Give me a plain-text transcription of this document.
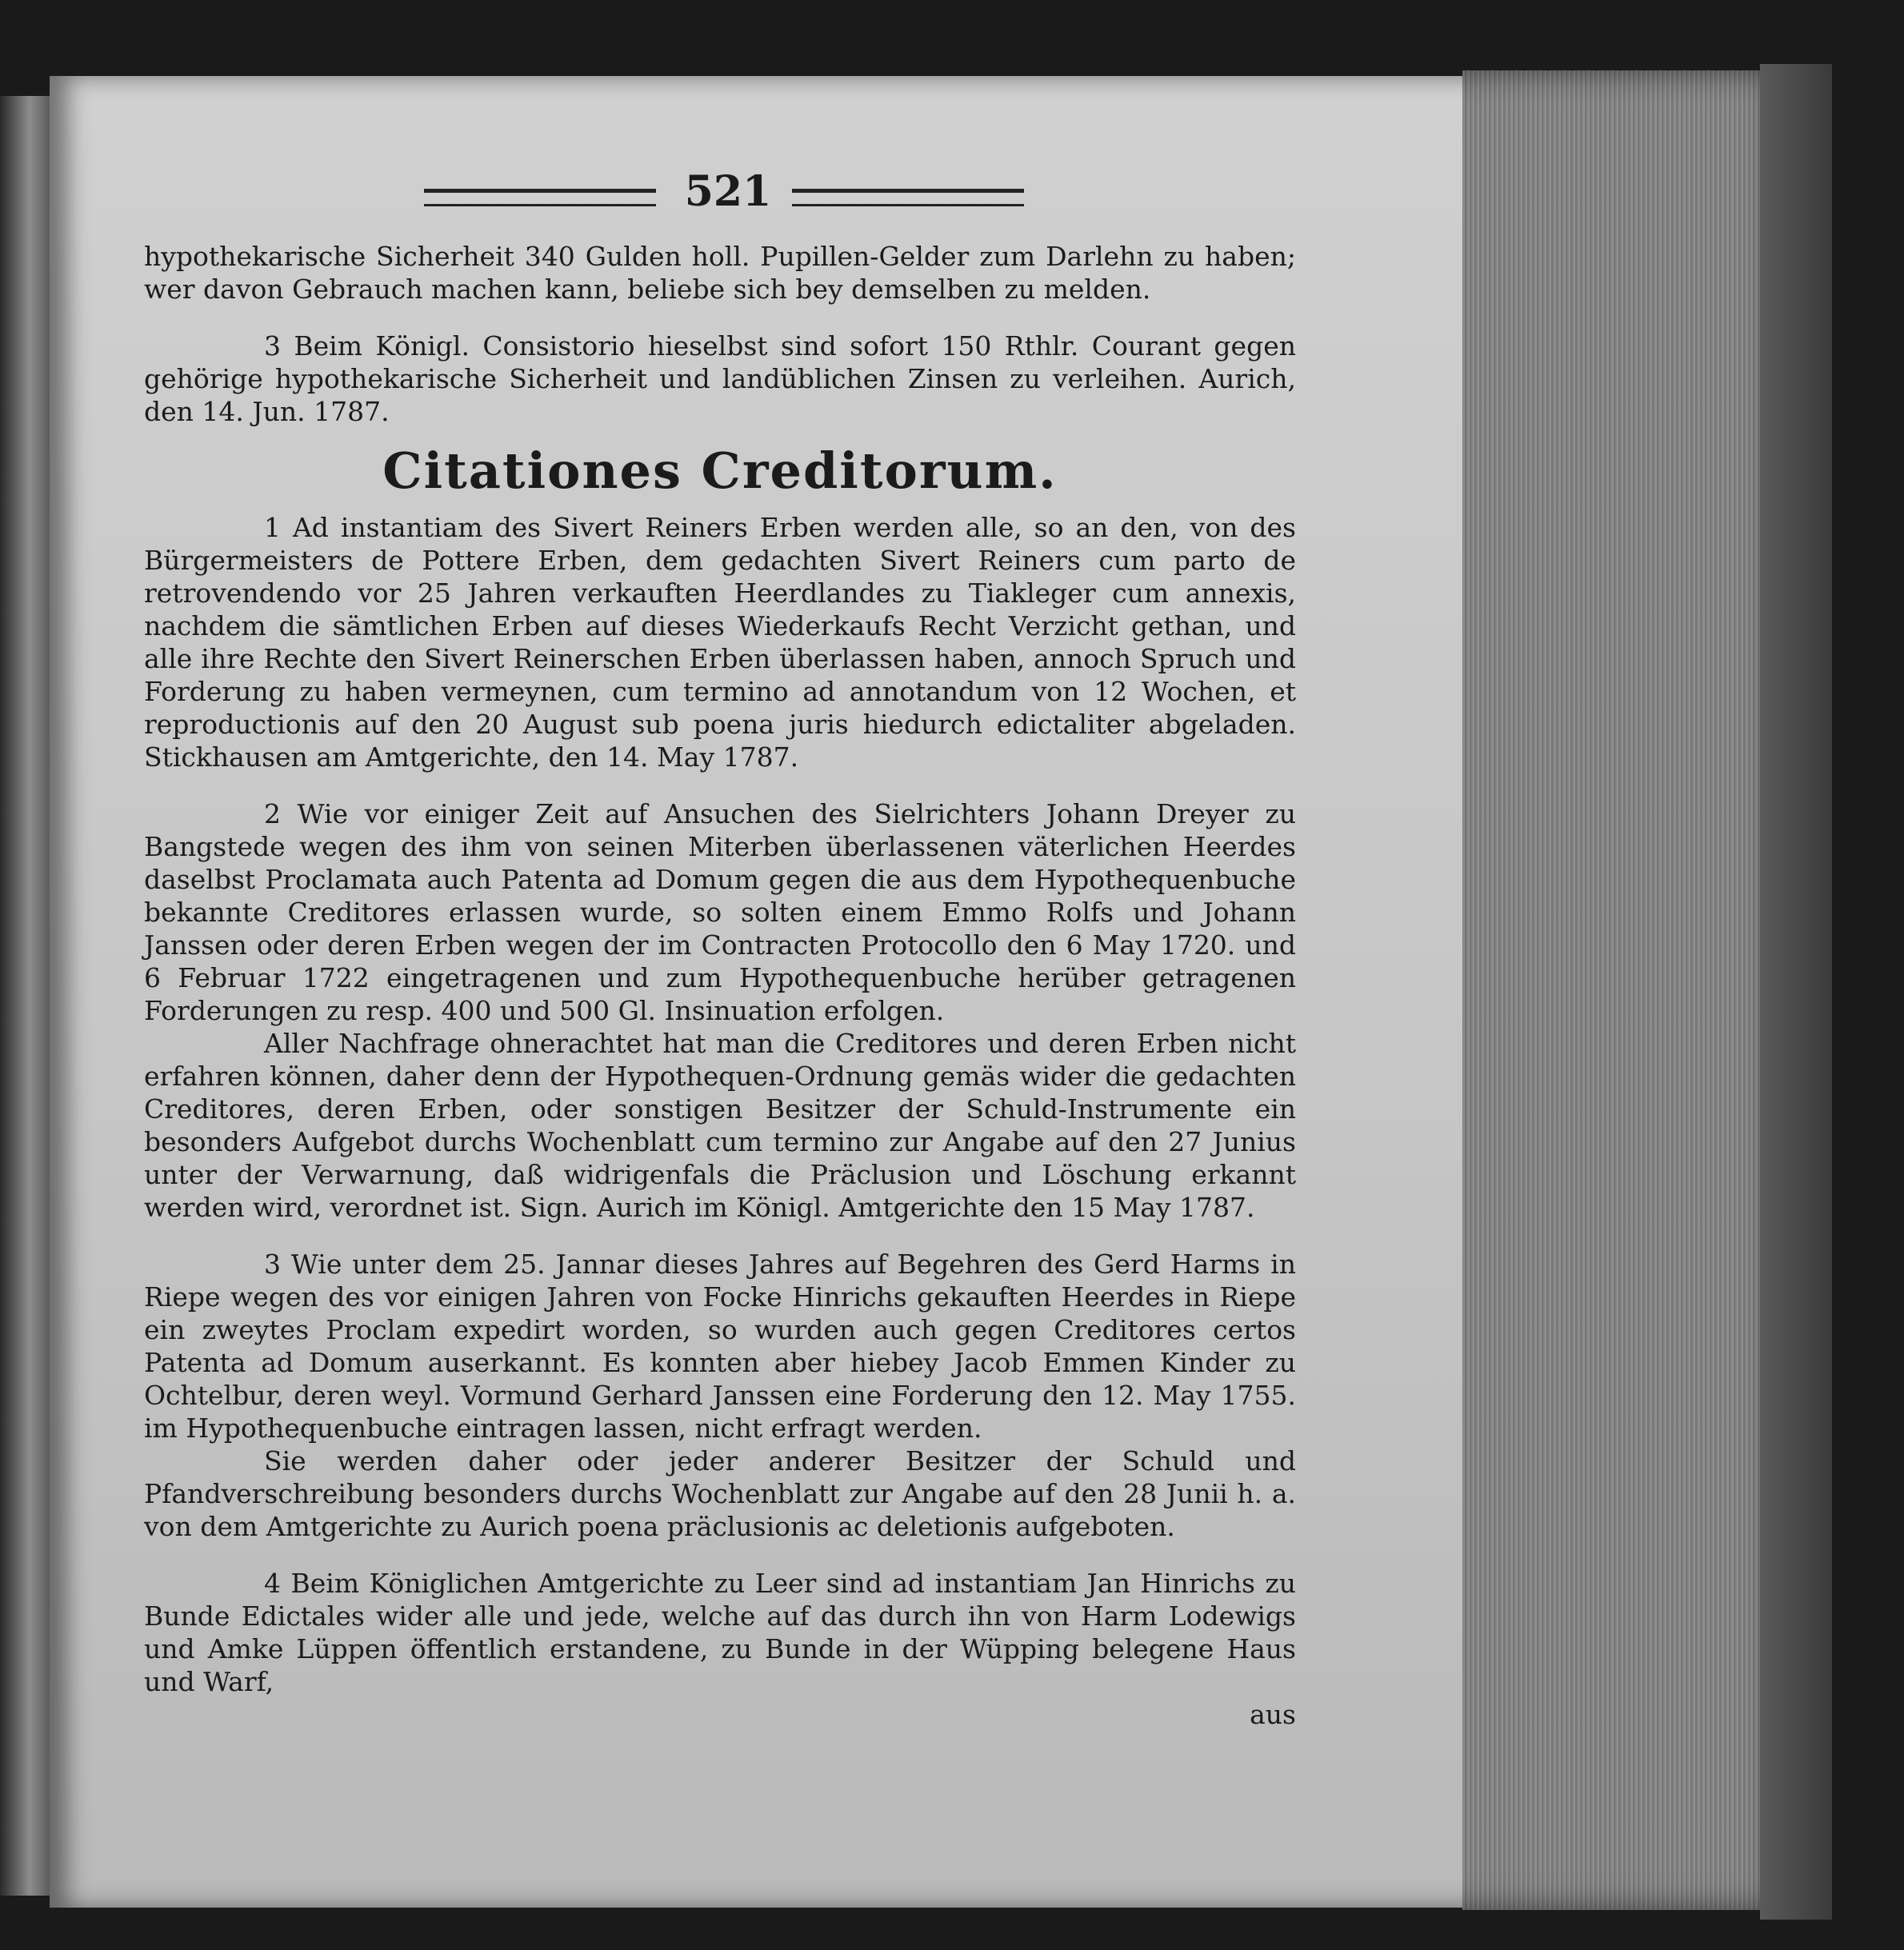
521

hypothekarische Sicherheit 340 Gulden holl. Pupillen-Gelder zum Darlehn zu haben; wer davon Gebrauch machen kann, beliebe sich bey demselben zu melden.

3 Beim Königl. Consistorio hieselbst sind sofort 150 Rthlr. Courant gegen gehörige hypothekarische Sicherheit und landüblichen Zinsen zu verleihen. Aurich, den 14. Jun. 1787.

Citationes Creditorum.

1 Ad instantiam des Sivert Reiners Erben werden alle, so an den, von des Bürgermeisters de Pottere Erben, dem gedachten Sivert Reiners cum parto de retrovendendo vor 25 Jahren verkauften Heerdlandes zu Tiakleger cum annexis, nachdem die sämtlichen Erben auf dieses Wiederkaufs Recht Verzicht gethan, und alle ihre Rechte den Sivert Reinerschen Erben überlassen haben, annoch Spruch und Forderung zu haben vermeynen, cum termino ad annotandum von 12 Wochen, et reproductionis auf den 20 August sub poena juris hiedurch edictaliter abgeladen. Stickhausen am Amtgerichte, den 14. May 1787.

2 Wie vor einiger Zeit auf Ansuchen des Sielrichters Johann Dreyer zu Bangstede wegen des ihm von seinen Miterben überlassenen väterlichen Heerdes daselbst Proclamata auch Patenta ad Domum gegen die aus dem Hypothequenbuche bekannte Creditores erlassen wurde, so solten einem Emmo Rolfs und Johann Janssen oder deren Erben wegen der im Contracten Protocollo den 6 May 1720. und 6 Februar 1722 eingetragenen und zum Hypothequenbuche herüber getragenen Forderungen zu resp. 400 und 500 Gl. Insinuation erfolgen.

Aller Nachfrage ohnerachtet hat man die Creditores und deren Erben nicht erfahren können, daher denn der Hypothequen-Ordnung gemäs wider die gedachten Creditores, deren Erben, oder sonstigen Besitzer der Schuld-Instrumente ein besonders Aufgebot durchs Wochenblatt cum termino zur Angabe auf den 27 Junius unter der Verwarnung, daß widrigenfals die Präclusion und Löschung erkannt werden wird, verordnet ist. Sign. Aurich im Königl. Amtgerichte den 15 May 1787.

3 Wie unter dem 25. Jannar dieses Jahres auf Begehren des Gerd Harms in Riepe wegen des vor einigen Jahren von Focke Hinrichs gekauften Heerdes in Riepe ein zweytes Proclam expedirt worden, so wurden auch gegen Creditores certos Patenta ad Domum auserkannt. Es konnten aber hiebey Jacob Emmen Kinder zu Ochtelbur, deren weyl. Vormund Gerhard Janssen eine Forderung den 12. May 1755. im Hypothequenbuche eintragen lassen, nicht erfragt werden.

Sie werden daher oder jeder anderer Besitzer der Schuld und Pfandverschreibung besonders durchs Wochenblatt zur Angabe auf den 28 Junii h. a. von dem Amtgerichte zu Aurich poena präclusionis ac deletionis aufgeboten.

4 Beim Königlichen Amtgerichte zu Leer sind ad instantiam Jan Hinrichs zu Bunde Edictales wider alle und jede, welche auf das durch ihn von Harm Lodewigs und Amke Lüppen öffentlich erstandene, zu Bunde in der Wüpping belegene Haus und Warf,

aus
